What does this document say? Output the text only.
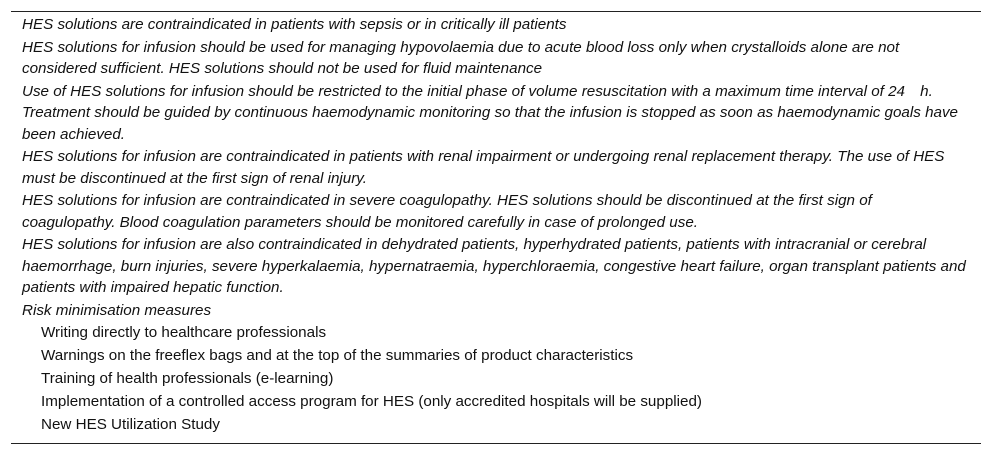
HES solutions are contraindicated in patients with sepsis or in critically ill patients
HES solutions for infusion should be used for managing hypovolaemia due to acute blood loss only when crystalloids alone are not considered sufficient. HES solutions should not be used for fluid maintenance
Use of HES solutions for infusion should be restricted to the initial phase of volume resuscitation with a maximum time interval of 24 h. Treatment should be guided by continuous haemodynamic monitoring so that the infusion is stopped as soon as haemodynamic goals have been achieved.
HES solutions for infusion are contraindicated in patients with renal impairment or undergoing renal replacement therapy. The use of HES must be discontinued at the first sign of renal injury.
HES solutions for infusion are contraindicated in severe coagulopathy. HES solutions should be discontinued at the first sign of coagulopathy. Blood coagulation parameters should be monitored carefully in case of prolonged use.
HES solutions for infusion are also contraindicated in dehydrated patients, hyperhydrated patients, patients with intracranial or cerebral haemorrhage, burn injuries, severe hyperkalaemia, hypernatraemia, hyperchloraemia, congestive heart failure, organ transplant patients and patients with impaired hepatic function.
Risk minimisation measures
Writing directly to healthcare professionals
Warnings on the freeflex bags and at the top of the summaries of product characteristics
Training of health professionals (e-learning)
Implementation of a controlled access program for HES (only accredited hospitals will be supplied)
New HES Utilization Study
